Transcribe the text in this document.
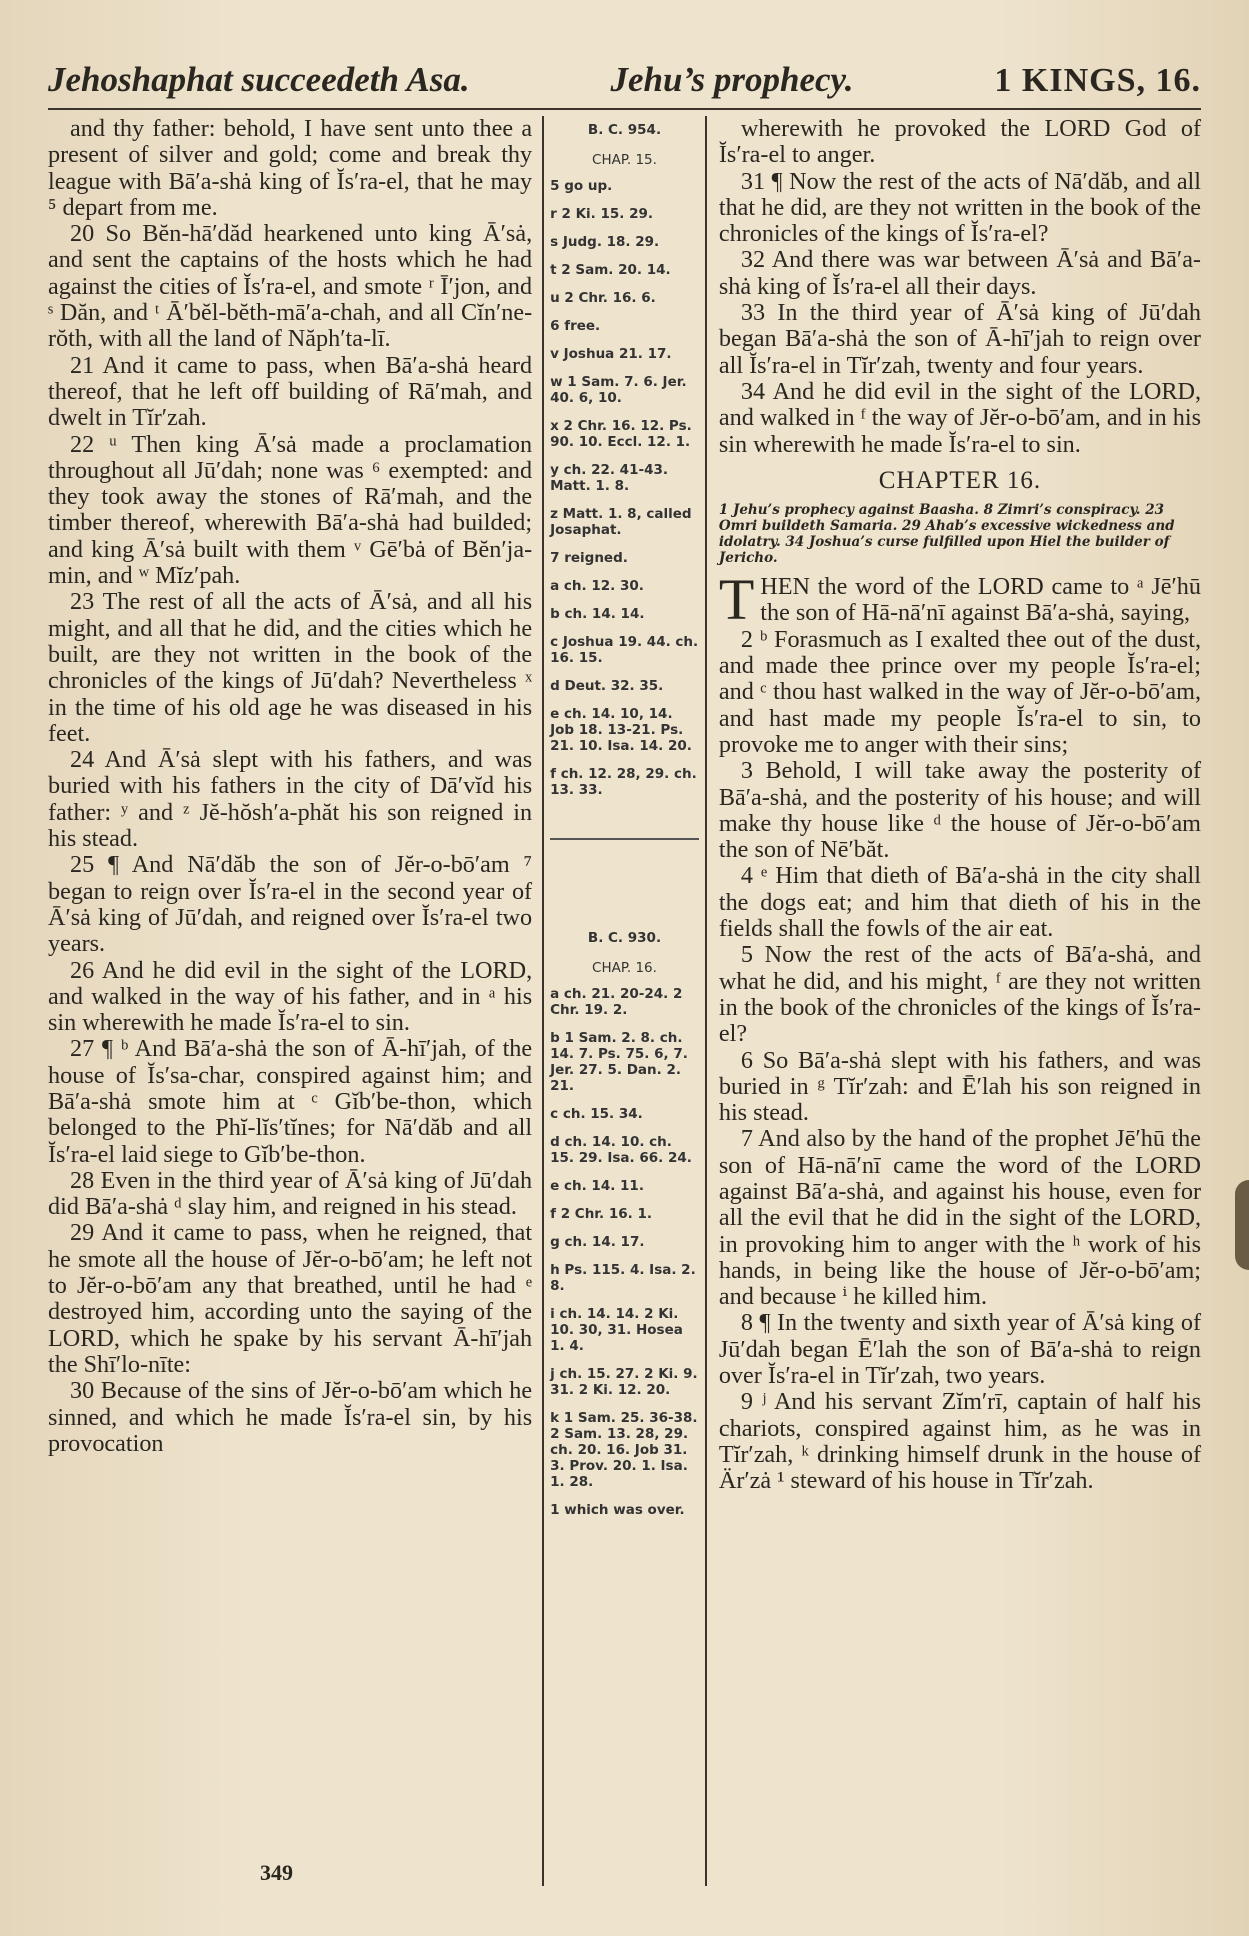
Jehoshaphat succeedeth Asa.	Jehu’s prophecy.	1 KINGS, 16.

and thy father: behold, I have sent unto thee a present of silver and gold; come and break thy league with Bā′a-shȧ king of Ĭs′ra-el, that he may ⁵ depart from me.

20 So Bĕn-hā′dăd hearkened unto king Ā′sȧ, and sent the captains of the hosts which he had against the cities of Ĭs′ra-el, and smote ʳ Ī′jon, and ˢ Dăn, and ᵗ Ā′bĕl-bĕth-mā′a-chah, and all Cĭn′ne-rŏth, with all the land of Năph′ta-lī.

21 And it came to pass, when Bā′a-shȧ heard thereof, that he left off building of Rā′mah, and dwelt in Tĭr′zah.

22 ᵘ Then king Ā′sȧ made a proclamation throughout all Jū′dah; none was ⁶ exempted: and they took away the stones of Rā′mah, and the timber thereof, wherewith Bā′a-shȧ had builded; and king Ā′sȧ built with them ᵛ Gē′bȧ of Bĕn′ja-min, and ʷ Mĭz′pah.

23 The rest of all the acts of Ā′sȧ, and all his might, and all that he did, and the cities which he built, are they not written in the book of the chronicles of the kings of Jū′dah? Nevertheless ˣ in the time of his old age he was diseased in his feet.

24 And Ā′sȧ slept with his fathers, and was buried with his fathers in the city of Dā′vĭd his father: ʸ and ᶻ Jĕ-hŏsh′a-phăt his son reigned in his stead.

25 ¶ And Nā′dăb the son of Jĕr-o-bō′am ⁷ began to reign over Ĭs′ra-el in the second year of Ā′sȧ king of Jū′dah, and reigned over Ĭs′ra-el two years.

26 And he did evil in the sight of the LORD, and walked in the way of his father, and in ᵃ his sin wherewith he made Ĭs′ra-el to sin.

27 ¶ ᵇ And Bā′a-shȧ the son of Ā-hī′jah, of the house of Ĭs′sa-char, conspired against him; and Bā′a-shȧ smote him at ᶜ Gĭb′be-thon, which belonged to the Phĭ-lĭs′tĭnes; for Nā′dăb and all Ĭs′ra-el laid siege to Gĭb′be-thon.

28 Even in the third year of Ā′sȧ king of Jū′dah did Bā′a-shȧ ᵈ slay him, and reigned in his stead.

29 And it came to pass, when he reigned, that he smote all the house of Jĕr-o-bō′am; he left not to Jĕr-o-bō′am any that breathed, until he had ᵉ destroyed him, according unto the saying of the LORD, which he spake by his servant Ā-hī′jah the Shī′lo-nīte:

30 Because of the sins of Jĕr-o-bō′am which he sinned, and which he made Ĭs′ra-el sin, by his provocation

B. C. 954.
CHAP. 15.
5 go up.
r 2 Ki. 15. 29.
s Judg. 18. 29.
t 2 Sam. 20. 14.
u 2 Chr. 16. 6.
6 free.
v Joshua 21. 17.
w 1 Sam. 7. 6. Jer. 40. 6, 10.
x 2 Chr. 16. 12. Ps. 90. 10. Eccl. 12. 1.
y ch. 22. 41-43. Matt. 1. 8.
z Matt. 1. 8, called Josaphat.
7 reigned.
a ch. 12. 30.
b ch. 14. 14.
c Joshua 19. 44. ch. 16. 15.
d Deut. 32. 35.
e ch. 14. 10, 14. Job 18. 13-21. Ps. 21. 10. Isa. 14. 20.
f ch. 12. 28, 29. ch. 13. 33.
B. C. 930.
CHAP. 16.
a ch. 21. 20-24. 2 Chr. 19. 2.
b 1 Sam. 2. 8. ch. 14. 7. Ps. 75. 6, 7. Jer. 27. 5. Dan. 2. 21.
c ch. 15. 34.
d ch. 14. 10. ch. 15. 29. Isa. 66. 24.
e ch. 14. 11.
f 2 Chr. 16. 1.
g ch. 14. 17.
h Ps. 115. 4. Isa. 2. 8.
i ch. 14. 14. 2 Ki. 10. 30, 31. Hosea 1. 4.
j ch. 15. 27. 2 Ki. 9. 31. 2 Ki. 12. 20.
k 1 Sam. 25. 36-38. 2 Sam. 13. 28, 29. ch. 20. 16. Job 31. 3. Prov. 20. 1. Isa. 1. 28.
1 which was over.

wherewith he provoked the LORD God of Ĭs′ra-el to anger.

31 ¶ Now the rest of the acts of Nā′dăb, and all that he did, are they not written in the book of the chronicles of the kings of Ĭs′ra-el?

32 And there was war between Ā′sȧ and Bā′a-shȧ king of Ĭs′ra-el all their days.

33 In the third year of Ā′sȧ king of Jū′dah began Bā′a-shȧ the son of Ā-hī′jah to reign over all Ĭs′ra-el in Tĭr′zah, twenty and four years.

34 And he did evil in the sight of the LORD, and walked in ᶠ the way of Jĕr-o-bō′am, and in his sin wherewith he made Ĭs′ra-el to sin.

CHAPTER 16.
1 Jehu’s prophecy against Baasha. 8 Zimri’s conspiracy. 23 Omri buildeth Samaria. 29 Ahab’s excessive wickedness and idolatry. 34 Joshua’s curse fulfilled upon Hiel the builder of Jericho.

T HEN the word of the LORD came to ᵃ Jē′hū the son of Hā-nā′nī against Bā′a-shȧ, saying,

2 ᵇ Forasmuch as I exalted thee out of the dust, and made thee prince over my people Ĭs′ra-el; and ᶜ thou hast walked in the way of Jĕr-o-bō′am, and hast made my people Ĭs′ra-el to sin, to provoke me to anger with their sins;

3 Behold, I will take away the posterity of Bā′a-shȧ, and the posterity of his house; and will make thy house like ᵈ the house of Jĕr-o-bō′am the son of Nē′băt.

4 ᵉ Him that dieth of Bā′a-shȧ in the city shall the dogs eat; and him that dieth of his in the fields shall the fowls of the air eat.

5 Now the rest of the acts of Bā′a-shȧ, and what he did, and his might, ᶠ are they not written in the book of the chronicles of the kings of Ĭs′ra-el?

6 So Bā′a-shȧ slept with his fathers, and was buried in ᵍ Tĭr′zah: and Ē′lah his son reigned in his stead.

7 And also by the hand of the prophet Jē′hū the son of Hā-nā′nī came the word of the LORD against Bā′a-shȧ, and against his house, even for all the evil that he did in the sight of the LORD, in provoking him to anger with the ʰ work of his hands, in being like the house of Jĕr-o-bō′am; and because ⁱ he killed him.

8 ¶ In the twenty and sixth year of Ā′sȧ king of Jū′dah began Ē′lah the son of Bā′a-shȧ to reign over Ĭs′ra-el in Tĭr′zah, two years.

9 ʲ And his servant Zĭm′rī, captain of half his chariots, conspired against him, as he was in Tĭr′zah, ᵏ drinking himself drunk in the house of Är′zȧ ¹ steward of his house in Tĭr′zah.

349
